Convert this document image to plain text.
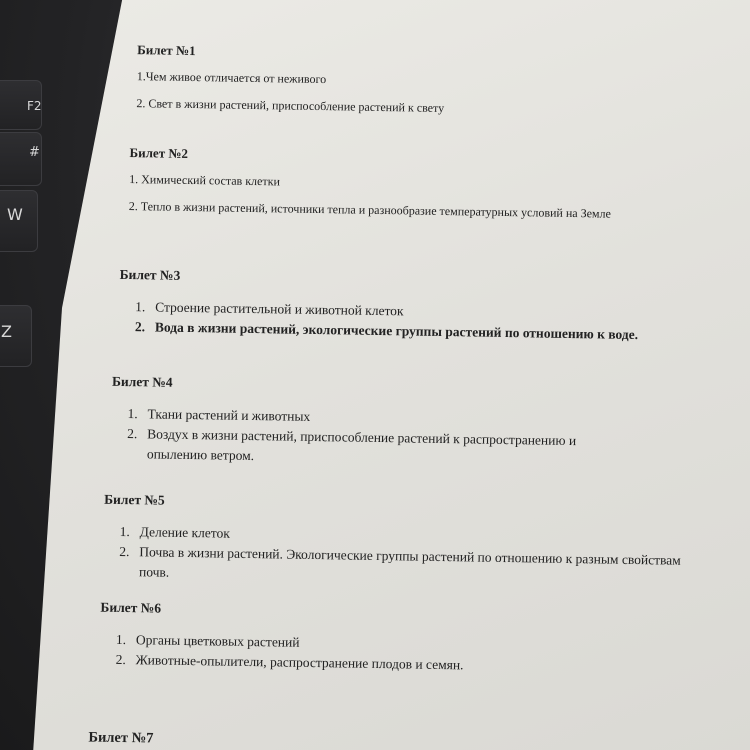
F2
#
W
Z
Билет №1
1.Чем живое отличается от неживого
2. Свет в жизни растений, приспособление растений к свету
Билет №2
1. Химический состав клетки
2. Тепло в жизни растений, источники тепла и разнообразие температурных условий на Земле
Билет №3
1. Строение растительной и животной клеток
2. Вода в жизни растений, экологические группы растений по отношению к воде.
Билет №4
1. Ткани растений и животных
2. Воздух в жизни растений, приспособление растений к распространению и опылению ветром.
Билет №5
1. Деление клеток
2. Почва в жизни растений. Экологические группы растений по отношению к разным свойствам почв.
Билет №6
1. Органы цветковых растений
2. Животные-опылители, распространение плодов и семян.
Билет №7
